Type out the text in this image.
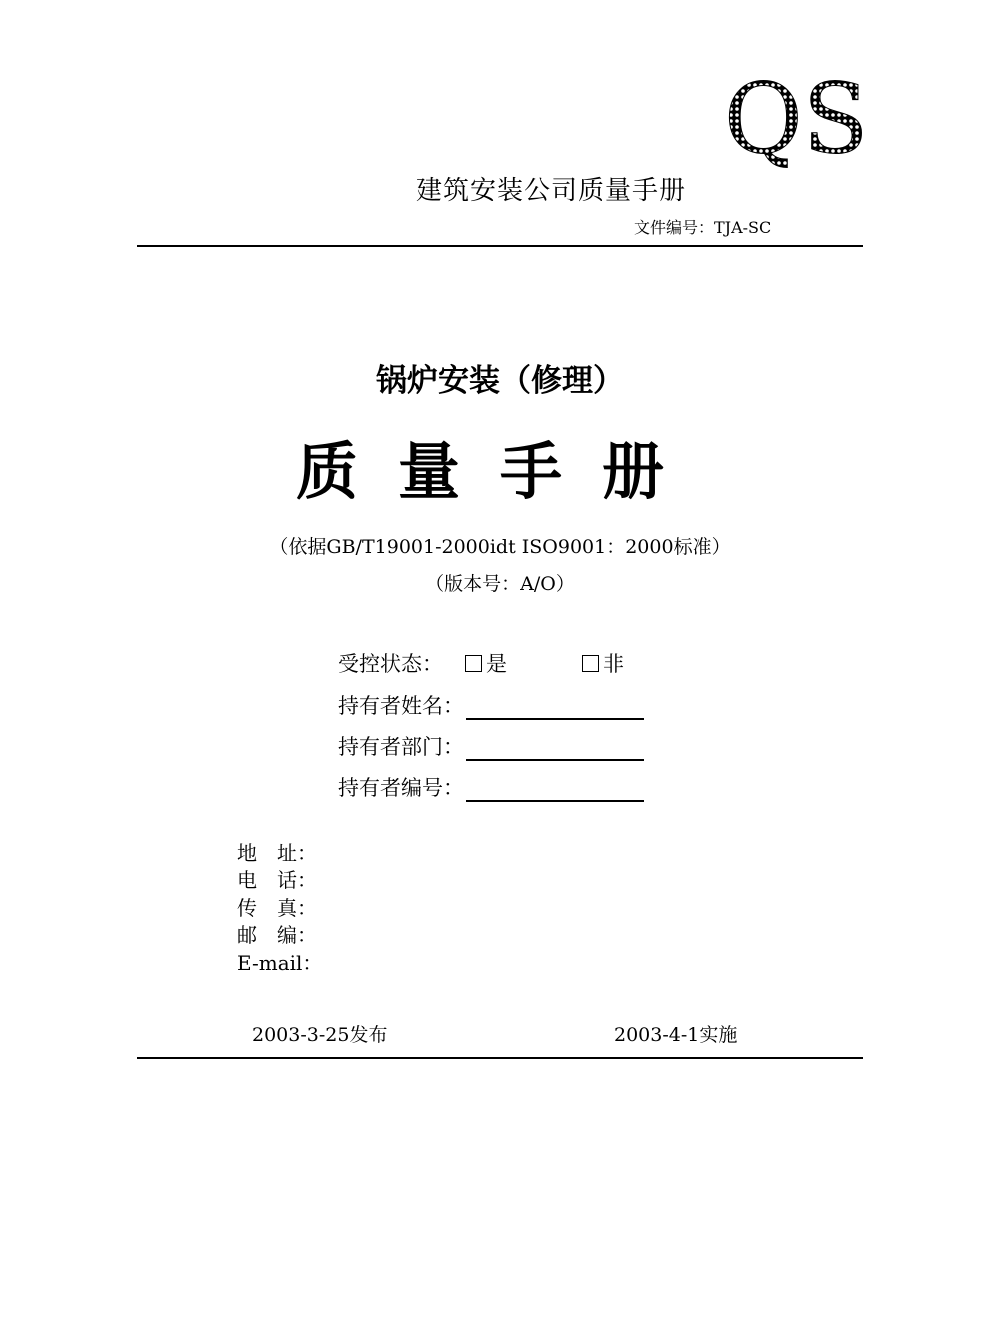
QS
建筑安装公司质量手册
文件编号：TJA-SC
锅炉安装（修理）
质量手册
（依据GB/T19001-2000idt ISO9001：2000标准）
（版本号：A/O）
受控状态： 是	非
持有者姓名：
持有者部门：
持有者编号：
地　址：
电　话：
传　真：
邮　编：
E-mail：
2003-3-25发布	2003-4-1实施
